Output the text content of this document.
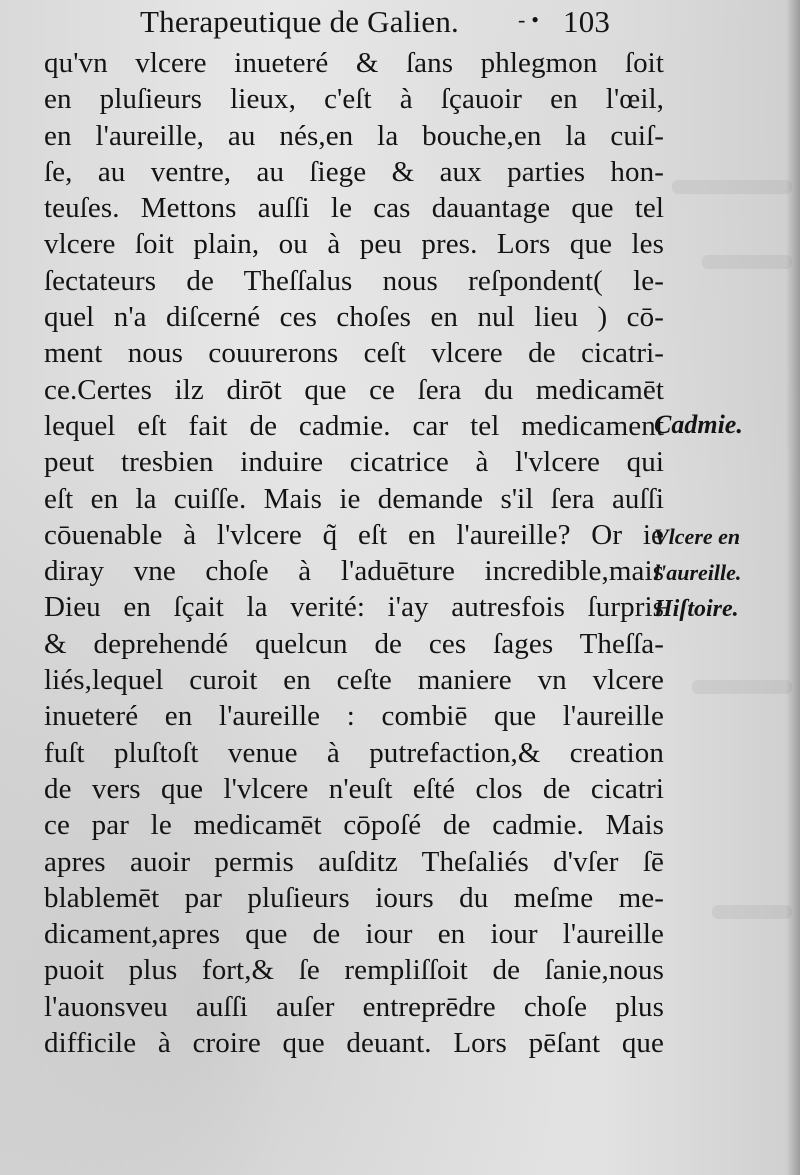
Therapeutique de Galien.	- • 103
qu'vn vlcere inueteré & ſans phlegmon ſoit
en pluſieurs lieux, c'eſt à ſçauoir en l'œil,
en l'aureille, au nés,en la bouche,en la cuiſ-
ſe, au ventre, au ſiege & aux parties hon-
teuſes. Mettons auſſi le cas dauantage que tel
vlcere ſoit plain, ou à peu pres. Lors que les
ſectateurs de Theſſalus nous reſpondent( le-
quel n'a diſcerné ces choſes en nul lieu ) cō-
ment nous couurerons ceſt vlcere de cicatri-
ce.Certes ilz dirōt que ce ſera du medicamēt
lequel eſt fait de cadmie. car tel medicament
peut tresbien induire cicatrice à l'vlcere qui
eſt en la cuiſſe. Mais ie demande s'il ſera auſſi
cōuenable à l'vlcere q̃ eſt en l'aureille? Or ie
diray vne choſe à l'aduēture incredible,mais
Dieu en ſçait la verité: i'ay autresfois ſurpris
& deprehendé quelcun de ces ſages Theſſa-
liés,lequel curoit en ceſte maniere vn vlcere
inueteré en l'aureille : combiē que l'aureille
fuſt pluſtoſt venue à putrefaction,& creation
de vers que l'vlcere n'euſt eſté clos de cicatri
ce par le medicamēt cōpoſé de cadmie. Mais
apres auoir permis auſditz Theſaliés d'vſer ſē
blablemēt par pluſieurs iours du meſme me-
dicament,apres que de iour en iour l'aureille
puoit plus fort,& ſe rempliſſoit de ſanie,nous
l'auonsveu auſſi auſer entreprēdre choſe plus
difficile à croire que deuant. Lors pēſant que
Cadmie.
Vlcere en
l'aureille.
Hiſtoire.
